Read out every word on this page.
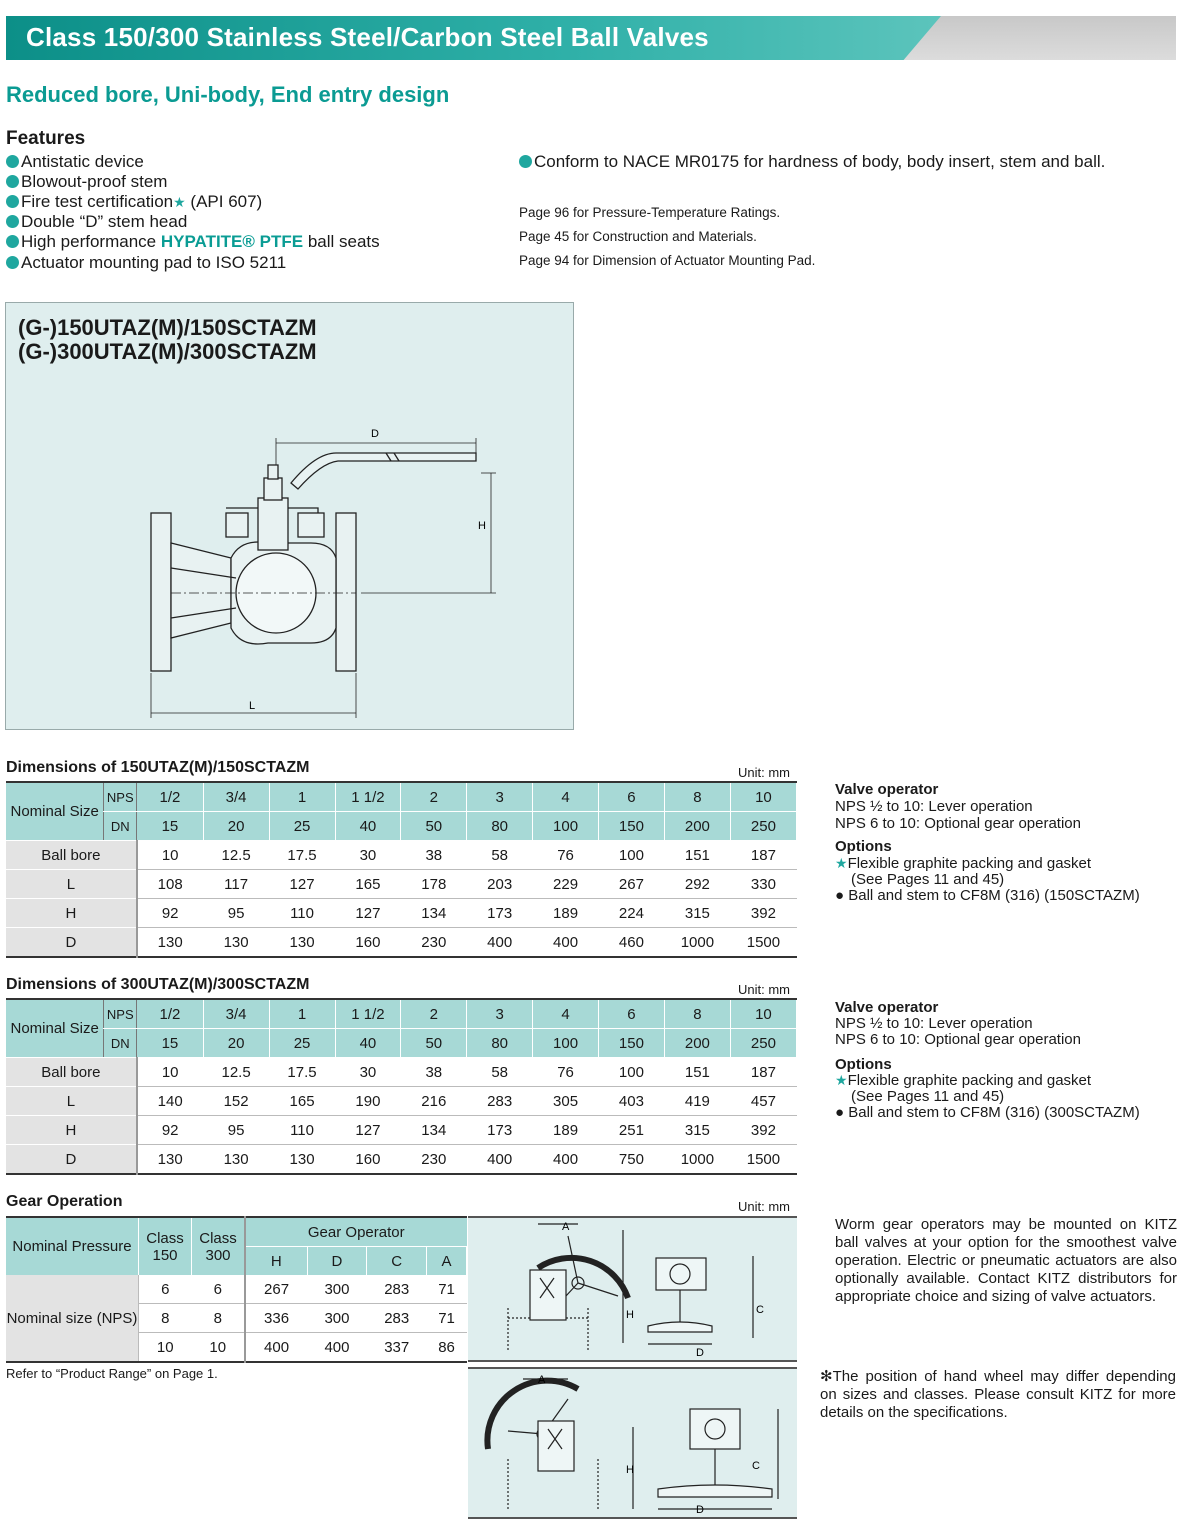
Class 150/300 Stainless Steel/Carbon Steel Ball Valves
Reduced bore, Uni-body, End entry design
Features
Antistatic device
Blowout-proof stem
Fire test certification★ (API 607)
Double “D” stem head
High performance HYPATITE® PTFE ball seats
Actuator mounting pad to ISO 5211
Conform to NACE MR0175 for hardness of body, body insert, stem and ball.
Page 96 for Pressure-Temperature Ratings.
Page 45 for Construction and Materials.
Page 94 for Dimension of Actuator Mounting Pad.
(G-)150UTAZ(M)/150SCTAZM
(G-)300UTAZ(M)/300SCTAZM
D
H
L
Dimensions of 150UTAZ(M)/150SCTAZM	Unit: mm
Nominal Size	NPS	1/2	3/4	1	1 1/2	2	3	4	6	8	10
	DN	15	20	25	40	50	80	100	150	200	250
Ball bore		10	12.5	17.5	30	38	58	76	100	151	187
L		108	117	127	165	178	203	229	267	292	330
H		92	95	110	127	134	173	189	224	315	392
D		130	130	130	160	230	400	400	460	1000	1500
Valve operator
NPS ½ to 10: Lever operation
NPS 6 to 10: Optional gear operation
Options
★Flexible graphite packing and gasket
(See Pages 11 and 45)
● Ball and stem to CF8M (316) (150SCTAZM)
Dimensions of 300UTAZ(M)/300SCTAZM	Unit: mm
Nominal Size	NPS	1/2	3/4	1	1 1/2	2	3	4	6	8	10
	DN	15	20	25	40	50	80	100	150	200	250
Ball bore		10	12.5	17.5	30	38	58	76	100	151	187
L		140	152	165	190	216	283	305	403	419	457
H		92	95	110	127	134	173	189	251	315	392
D		130	130	130	160	230	400	400	750	1000	1500
Valve operator
NPS ½ to 10: Lever operation
NPS 6 to 10: Optional gear operation
Options
★Flexible graphite packing and gasket
(See Pages 11 and 45)
● Ball and stem to CF8M (316) (300SCTAZM)
Gear Operation	Unit: mm
Nominal Pressure	Class 150	Class 300	Gear Operator			
			H	D	C	A
Nominal size (NPS)	6	6	267	300	283	71
	8	8	336	300	283	71
	10	10	400	400	337	86
Refer to “Product Range” on Page 1.
A
H	C
D
A
H	C
D
Worm gear operators may be mounted on KITZ ball valves at your option for the smoothest valve operation. Electric or pneumatic actuators are also optionally available. Contact KITZ distributors for appropriate choice and sizing of valve actuators.
✻The position of hand wheel may differ depending on sizes and classes. Please consult KITZ for more details on the specifications.
